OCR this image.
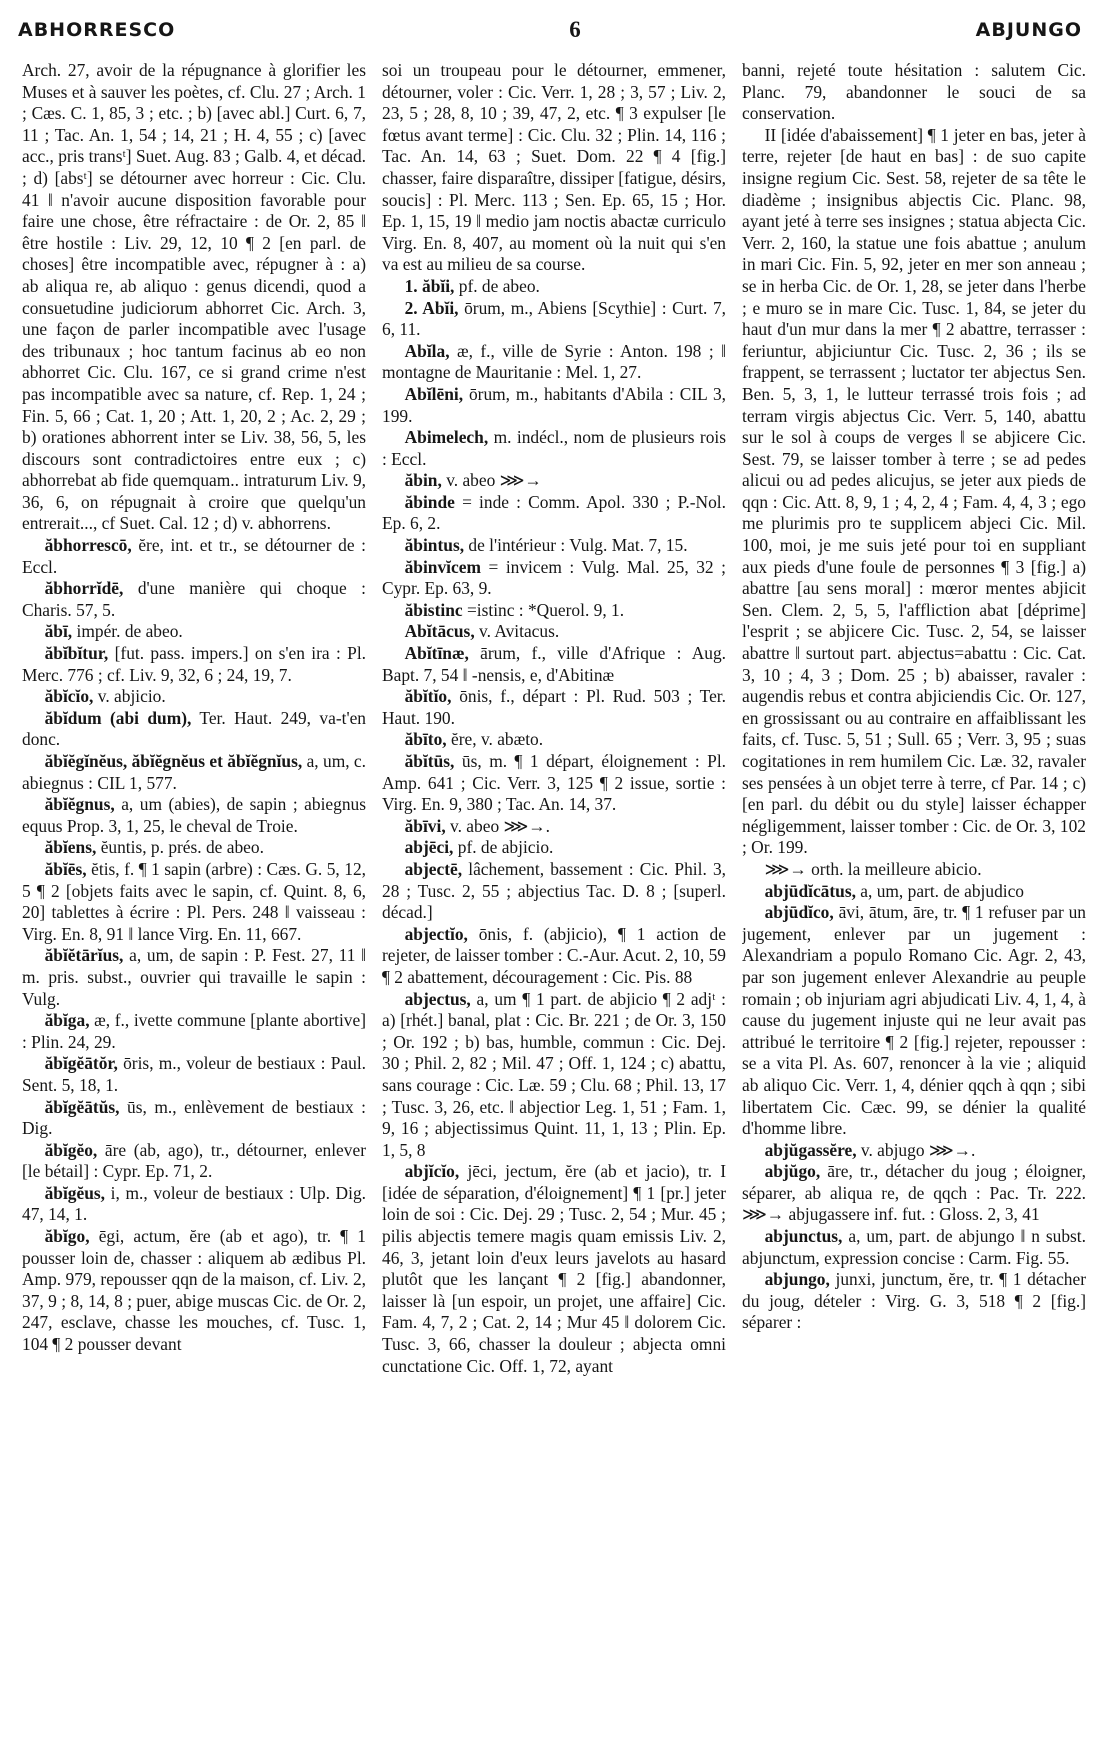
ABHORRESCO	6	ABJUNGO

Arch. 27, avoir de la répugnance à glorifier les Muses et à sauver les poètes, cf. Clu. 27 ; Arch. 1 ; Cæs. C. 1, 85, 3 ; etc. ; b) [avec abl.] Curt. 6, 7, 11 ; Tac. An. 1, 54 ; 14, 21 ; H. 4, 55 ; c) [avec acc., pris transᵗ] Suet. Aug. 83 ; Galb. 4, et décad. ; d) [absᵗ] se détourner avec horreur : Cic. Clu. 41 ‖ n'avoir aucune disposition favorable pour faire une chose, être réfractaire : de Or. 2, 85 ‖ être hostile : Liv. 29, 12, 10 ¶ 2 [en parl. de choses] être incompatible avec, répugner à : a) ab aliqua re, ab aliquo : genus dicendi, quod a consuetudine judiciorum abhorret Cic. Arch. 3, une façon de parler incompatible avec l'usage des tribunaux ; hoc tantum facinus ab eo non abhorret Cic. Clu. 167, ce si grand crime n'est pas incompatible avec sa nature, cf. Rep. 1, 24 ; Fin. 5, 66 ; Cat. 1, 20 ; Att. 1, 20, 2 ; Ac. 2, 29 ; b) orationes abhorrent inter se Liv. 38, 56, 5, les discours sont contradictoires entre eux ; c) abhorrebat ab fide quemquam.. intraturum Liv. 9, 36, 6, on répugnait à croire que quelqu'un entrerait..., cf Suet. Cal. 12 ; d) v. abhorrens.

ăbhorrescō, ĕre, int. et tr., se détourner de : Eccl.

ăbhorrĭdē, d'une manière qui choque : Charis. 57, 5.

ăbī, impér. de abeo.

ăbĭbĭtur, [fut. pass. impers.] on s'en ira : Pl. Merc. 776 ; cf. Liv. 9, 32, 6 ; 24, 19, 7.

ăbĭcĭo, v. abjicio.

ăbĭdum (abi dum), Ter. Haut. 249, va-t'en donc.

ăbĭĕgĭnĕus, ăbĭĕgnĕus et ăbĭĕgnĭus, a, um, c. abiegnus : CIL 1, 577.

ăbĭĕgnus, a, um (abies), de sapin ; abiegnus equus Prop. 3, 1, 25, le cheval de Troie.

ăbĭens, ĕuntis, p. prés. de abeo.

ăbĭēs, ĕtis, f. ¶ 1 sapin (arbre) : Cæs. G. 5, 12, 5 ¶ 2 [objets faits avec le sapin, cf. Quint. 8, 6, 20] tablettes à écrire : Pl. Pers. 248 ‖ vaisseau : Virg. En. 8, 91 ‖ lance Virg. En. 11, 667.

ăbĭĕtārĭus, a, um, de sapin : P. Fest. 27, 11 ‖ m. pris. subst., ouvrier qui travaille le sapin : Vulg.

ăbĭga, æ, f., ivette commune [plante abortive] : Plin. 24, 29.

ăbĭgĕātŏr, ōris, m., voleur de bestiaux : Paul. Sent. 5, 18, 1.

ăbĭgĕātŭs, ūs, m., enlèvement de bestiaux : Dig.

ăbĭgĕo, āre (ab, ago), tr., détourner, enlever [le bétail] : Cypr. Ep. 71, 2.

ăbĭgĕus, i, m., voleur de bestiaux : Ulp. Dig. 47, 14, 1.

ăbĭgo, ēgi, actum, ĕre (ab et ago), tr. ¶ 1 pousser loin de, chasser : aliquem ab ædibus Pl. Amp. 979, repousser qqn de la maison, cf. Liv. 2, 37, 9 ; 8, 14, 8 ; puer, abige muscas Cic. de Or. 2, 247, esclave, chasse les mouches, cf. Tusc. 1, 104 ¶ 2 pousser devant

soi un troupeau pour le détourner, emmener, détourner, voler : Cic. Verr. 1, 28 ; 3, 57 ; Liv. 2, 23, 5 ; 28, 8, 10 ; 39, 47, 2, etc. ¶ 3 expulser [le fœtus avant terme] : Cic. Clu. 32 ; Plin. 14, 116 ; Tac. An. 14, 63 ; Suet. Dom. 22 ¶ 4 [fig.] chasser, faire disparaître, dissiper [fatigue, désirs, soucis] : Pl. Merc. 113 ; Sen. Ep. 65, 15 ; Hor. Ep. 1, 15, 19 ‖ medio jam noctis abactæ curriculo Virg. En. 8, 407, au moment où la nuit qui s'en va est au milieu de sa course.

1. ăbĭi, pf. de abeo.

2. Abĭi, ōrum, m., Abiens [Scythie] : Curt. 7, 6, 11.

Abĭla, æ, f., ville de Syrie : Anton. 198 ; ‖ montagne de Mauritanie : Mel. 1, 27.

Abĭlēni, ōrum, m., habitants d'Abila : CIL 3, 199.

Abimelech, m. indécl., nom de plusieurs rois : Eccl.

ăbin, v. abeo ⋙→

ăbinde = inde : Comm. Apol. 330 ; P.-Nol. Ep. 6, 2.

ăbintus, de l'intérieur : Vulg. Mat. 7, 15.

ăbinvĭcem = invicem : Vulg. Mal. 25, 32 ; Cypr. Ep. 63, 9.

ăbistinc =istinc : *Querol. 9, 1.

Abĭtācus, v. Avitacus.

Abĭtīnæ, ārum, f., ville d'Afrique : Aug. Bapt. 7, 54 ‖ -nensis, e, d'Abitinæ

ăbĭtĭo, ōnis, f., départ : Pl. Rud. 503 ; Ter. Haut. 190.

ăbīto, ĕre, v. abæto.

ăbĭtūs, ūs, m. ¶ 1 départ, éloignement : Pl. Amp. 641 ; Cic. Verr. 3, 125 ¶ 2 issue, sortie : Virg. En. 9, 380 ; Tac. An. 14, 37.

ăbīvi, v. abeo ⋙→.

abjēci, pf. de abjicio.

abjectē, lâchement, bassement : Cic. Phil. 3, 28 ; Tusc. 2, 55 ; abjectius Tac. D. 8 ; [superl. décad.]

abjectĭo, ōnis, f. (abjicio), ¶ 1 action de rejeter, de laisser tomber : C.-Aur. Acut. 2, 10, 59 ¶ 2 abattement, découragement : Cic. Pis. 88

abjectus, a, um ¶ 1 part. de abjicio ¶ 2 adjᵗ : a) [rhét.] banal, plat : Cic. Br. 221 ; de Or. 3, 150 ; Or. 192 ; b) bas, humble, commun : Cic. Dej. 30 ; Phil. 2, 82 ; Mil. 47 ; Off. 1, 124 ; c) abattu, sans courage : Cic. Læ. 59 ; Clu. 68 ; Phil. 13, 17 ; Tusc. 3, 26, etc. ‖ abjectior Leg. 1, 51 ; Fam. 1, 9, 16 ; abjectissimus Quint. 11, 1, 13 ; Plin. Ep. 1, 5, 8

abjĭcĭo, jēci, jectum, ĕre (ab et jacio), tr. I [idée de séparation, d'éloignement] ¶ 1 [pr.] jeter loin de soi : Cic. Dej. 29 ; Tusc. 2, 54 ; Mur. 45 ; pilis abjectis temere magis quam emissis Liv. 2, 46, 3, jetant loin d'eux leurs javelots au hasard plutôt que les lançant ¶ 2 [fig.] abandonner, laisser là [un espoir, un projet, une affaire] Cic. Fam. 4, 7, 2 ; Cat. 2, 14 ; Mur 45 ‖ dolorem Cic. Tusc. 3, 66, chasser la douleur ; abjecta omni cunctatione Cic. Off. 1, 72, ayant

banni, rejeté toute hésitation : salutem Cic. Planc. 79, abandonner le souci de sa conservation.

II [idée d'abaissement] ¶ 1 jeter en bas, jeter à terre, rejeter [de haut en bas] : de suo capite insigne regium Cic. Sest. 58, rejeter de sa tête le diadème ; insignibus abjectis Cic. Planc. 98, ayant jeté à terre ses insignes ; statua abjecta Cic. Verr. 2, 160, la statue une fois abattue ; anulum in mari Cic. Fin. 5, 92, jeter en mer son anneau ; se in herba Cic. de Or. 1, 28, se jeter dans l'herbe ; e muro se in mare Cic. Tusc. 1, 84, se jeter du haut d'un mur dans la mer ¶ 2 abattre, terrasser : feriuntur, abjiciuntur Cic. Tusc. 2, 36 ; ils se frappent, se terrassent ; luctator ter abjectus Sen. Ben. 5, 3, 1, le lutteur terrassé trois fois ; ad terram virgis abjectus Cic. Verr. 5, 140, abattu sur le sol à coups de verges ‖ se abjicere Cic. Sest. 79, se laisser tomber à terre ; se ad pedes alicui ou ad pedes alicujus, se jeter aux pieds de qqn : Cic. Att. 8, 9, 1 ; 4, 2, 4 ; Fam. 4, 4, 3 ; ego me plurimis pro te supplicem abjeci Cic. Mil. 100, moi, je me suis jeté pour toi en suppliant aux pieds d'une foule de personnes ¶ 3 [fig.] a) abattre [au sens moral] : mœror mentes abjicit Sen. Clem. 2, 5, 5, l'affliction abat [déprime] l'esprit ; se abjicere Cic. Tusc. 2, 54, se laisser abattre ‖ surtout part. abjectus=abattu : Cic. Cat. 3, 10 ; 4, 3 ; Dom. 25 ; b) abaisser, ravaler : augendis rebus et contra abjiciendis Cic. Or. 127, en grossissant ou au contraire en affaiblissant les faits, cf. Tusc. 5, 51 ; Sull. 65 ; Verr. 3, 95 ; suas cogitationes in rem humilem Cic. Læ. 32, ravaler ses pensées à un objet terre à terre, cf Par. 14 ; c) [en parl. du débit ou du style] laisser échapper négligemment, laisser tomber : Cic. de Or. 3, 102 ; Or. 199.

⋙→ orth. la meilleure abicio.

abjūdĭcātus, a, um, part. de abjudico

abjūdĭco, āvi, ātum, āre, tr. ¶ 1 refuser par un jugement, enlever par un jugement : Alexandriam a populo Romano Cic. Agr. 2, 43, par son jugement enlever Alexandrie au peuple romain ; ob injuriam agri abjudicati Liv. 4, 1, 4, à cause du jugement injuste qui ne leur avait pas attribué le territoire ¶ 2 [fig.] rejeter, repousser : se a vita Pl. As. 607, renoncer à la vie ; aliquid ab aliquo Cic. Verr. 1, 4, dénier qqch à qqn ; sibi libertatem Cic. Cæc. 99, se dénier la qualité d'homme libre.

abjŭgassĕre, v. abjugo ⋙→.

abjŭgo, āre, tr., détacher du joug ; éloigner, séparer, ab aliqua re, de qqch : Pac. Tr. 222. ⋙→ abjugassere inf. fut. : Gloss. 2, 3, 41

abjunctus, a, um, part. de abjungo ‖ n subst. abjunctum, expression concise : Carm. Fig. 55.

abjungo, junxi, junctum, ĕre, tr. ¶ 1 détacher du joug, dételer : Virg. G. 3, 518 ¶ 2 [fig.] séparer :
